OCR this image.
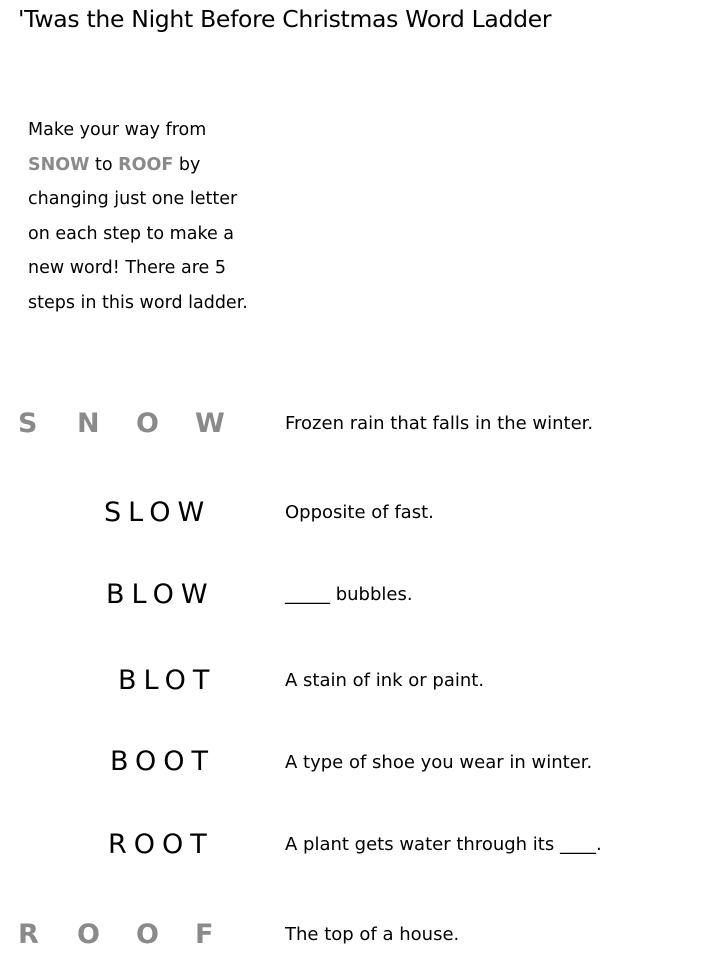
'Twas the Night Before Christmas Word Ladder
Make your way from
SNOW to ROOF by
changing just one letter
on each step to make a
new word! There are 5
steps in this word ladder.
S N O W	Frozen rain that falls in the winter.
SLOW	Opposite of fast.
BLOW	_____ bubbles.
BLOT	A stain of ink or paint.
BOOT	A type of shoe you wear in winter.
ROOT	A plant gets water through its ____.
R O O F	The top of a house.
